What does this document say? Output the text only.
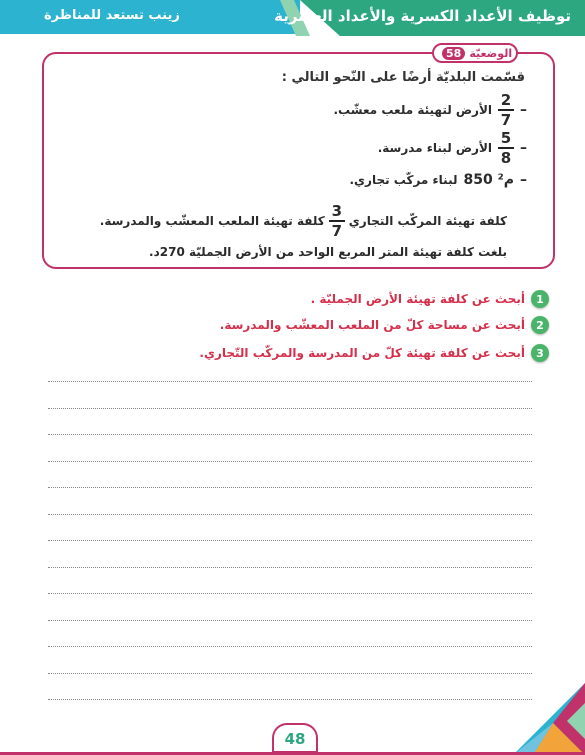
توظيف الأعداد الكسرية والأعداد العشرية
زينب تستعد للمناظرة
الوضعيّة
58
قسّمت البلديّة أرضًا على النّحو التالي :
–
$\frac{2}{7}$
الأرض لتهيئة ملعب معشّب.
–
$\frac{5}{8}$
الأرض لبناء مدرسة.
–
850 م²
لبناء مركّب تجاري.
كلفة تهيئة المركّب التجاري
$\frac{3}{7}$
كلفة تهيئة الملعب المعشّب والمدرسة.
بلغت كلفة تهيئة المتر المربع الواحد من الأرض الجمليّة 270د.
1
أبحث عن كلفة تهيئة الأرض الجمليّة .
2
أبحث عن مساحة كلّ من الملعب المعشّب والمدرسة.
3
أبحث عن كلفة تهيئة كلّ من المدرسة والمركّب التّجاري.
48
